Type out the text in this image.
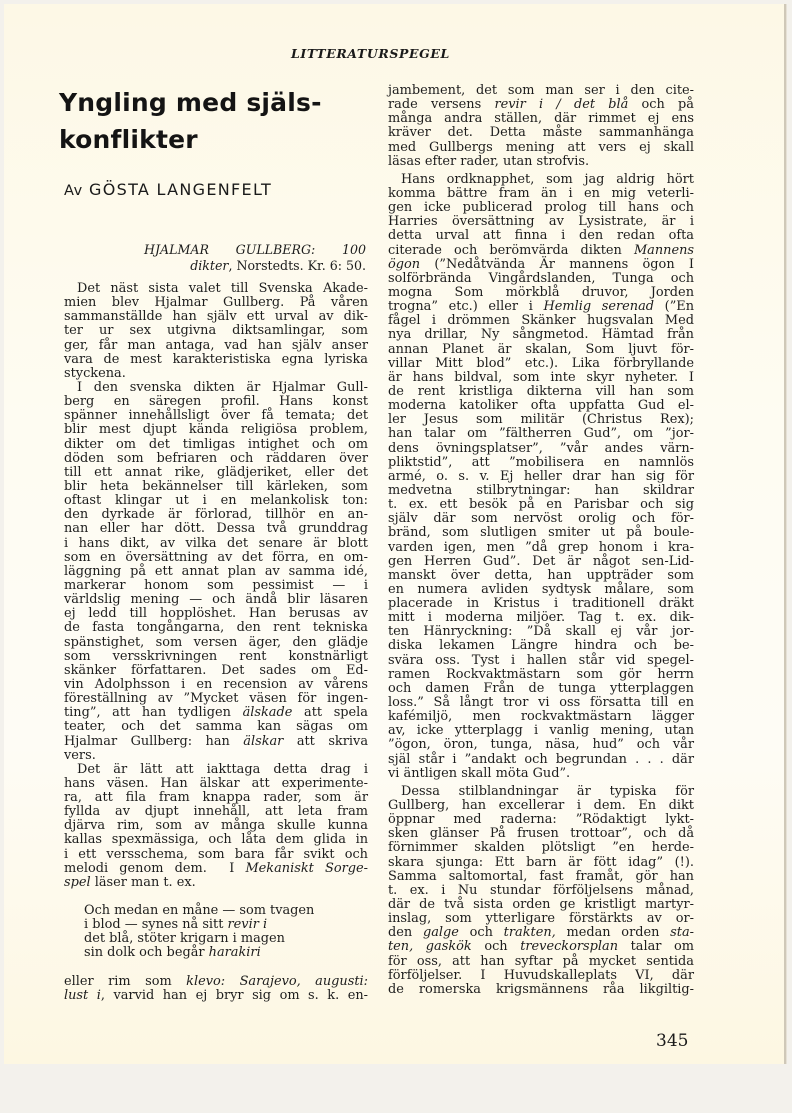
LITTERATURSPEGEL
Yngling med själs-
konflikter
Av GÖSTA LANGENFELT
HJALMAR GULLBERG: 100
dikter, Norstedts. Kr. 6: 50.
Det näst sista valet till Svenska Akade-
mien blev Hjalmar Gullberg. På våren
sammanställde han själv ett urval av dik-
ter ur sex utgivna diktsamlingar, som
ger, får man antaga, vad han själv anser
vara de mest karakteristiska egna lyriska
styckena.
I den svenska dikten är Hjalmar Gull-
berg en säregen profil. Hans konst
spänner innehållsligt över få temata; det
blir mest djupt kända religiösa problem,
dikter om det timligas intighet och om
döden som befriaren och räddaren över
till ett annat rike, glädjeriket, eller det
blir heta bekännelser till kärleken, som
oftast klingar ut i en melankolisk ton:
den dyrkade är förlorad, tillhör en an-
nan eller har dött. Dessa två grunddrag
i hans dikt, av vilka det senare är blott
som en översättning av det förra, en om-
läggning på ett annat plan av samma idé,
markerar honom som pessimist — i
världslig mening — och ändå blir läsaren
ej ledd till hopplöshet. Han berusas av
de fasta tongångarna, den rent tekniska
spänstighet, som versen äger, den glädje
som versskrivningen rent konstnärligt
skänker författaren. Det sades om Ed-
vin Adolphsson i en recension av vårens
föreställning av ”Mycket väsen för ingen-
ting”, att han tydligen älskade att spela
teater, och det samma kan sägas om
Hjalmar Gullberg: han älskar att skriva
vers.
Det är lätt att iakttaga detta drag i
hans väsen. Han älskar att experimente-
ra, att fila fram knappa rader, som är
fyllda av djupt innehåll, att leta fram
djärva rim, som av många skulle kunna
kallas spexmässiga, och låta dem glida in
i ett versschema, som bara får svikt och
melodi genom dem.  I Mekaniskt Sorge-
spel läser man t. ex.
Och medan en måne — som tvagen
i blod — synes nå sitt revir i
det blå, stöter krigarn i magen
sin dolk och begår harakiri
eller rim som klevo: Sarajevo, augusti:
lust i, varvid han ej bryr sig om s. k. en-
jambement, det som man ser i den cite-
rade versens revir i / det blå och på
många andra ställen, där rimmet ej ens
kräver det. Detta måste sammanhänga
med Gullbergs mening att vers ej skall
läsas efter rader, utan strofvis.
Hans ordknapphet, som jag aldrig hört
komma bättre fram än i en mig veterli-
gen icke publicerad prolog till hans och
Harries översättning av Lysistrate, är i
detta urval att finna i den redan ofta
citerade och berömvärda dikten Mannens
ögon (”Nedåtvända Är mannens ögon I
solförbrända Vingårdslanden, Tunga och
mogna Som mörkblå druvor, Jorden
trogna” etc.) eller i Hemlig serenad (”En
fågel i drömmen Skänker hugsvalan Med
nya drillar, Ny sångmetod. Hämtad från
annan Planet är skalan, Som ljuvt för-
villar Mitt blod” etc.). Lika förbryllande
är hans bildval, som inte skyr nyheter. I
de rent kristliga dikterna vill han som
moderna katoliker ofta uppfatta Gud el-
ler Jesus som militär (Christus Rex);
han talar om ”fältherren Gud”, om ”jor-
dens övningsplatser”, ”vår andes värn-
pliktstid”, att ”mobilisera en namnlös
armé, o. s. v. Ej heller drar han sig för
medvetna stilbrytningar: han skildrar
t. ex. ett besök på en Parisbar och sig
själv där som nervöst orolig och för-
bränd, som slutligen smiter ut på boule-
varden igen, men ”då grep honom i kra-
gen Herren Gud”. Det är något sen-Lid-
manskt över detta, han uppträder som
en numera avliden sydtysk målare, som
placerade in Kristus i traditionell dräkt
mitt i moderna miljöer. Tag t. ex. dik-
ten Hänryckning: ”Då skall ej vår jor-
diska lekamen Längre hindra och be-
svära oss. Tyst i hallen står vid spegel-
ramen Rockvaktmästarn som gör herrn
och damen Från de tunga ytterplaggen
loss.” Så långt tror vi oss försatta till en
kafémiljö, men rockvaktmästarn lägger
av, icke ytterplagg i vanlig mening, utan
”ögon, öron, tunga, näsa, hud” och vår
själ står i ”andakt och begrundan . . . där
vi äntligen skall möta Gud”.
Dessa stilblandningar är typiska för
Gullberg, han excellerar i dem. En dikt
öppnar med raderna: ”Rödaktigt lykt-
sken glänser På frusen trottoar”, och då
förnimmer skalden plötsligt ”en herde-
skara sjunga: Ett barn är fött idag” (!).
Samma saltomortal, fast framåt, gör han
t. ex. i Nu stundar förföljelsens månad,
där de två sista orden ge kristligt martyr-
inslag, som ytterligare förstärkts av or-
den galge och trakten, medan orden sta-
ten, gaskök och treveckorsplan talar om
för oss, att han syftar på mycket sentida
förföljelser. I Huvudskalleplats VI, där
de romerska krigsmännens råa likgiltig-
345
